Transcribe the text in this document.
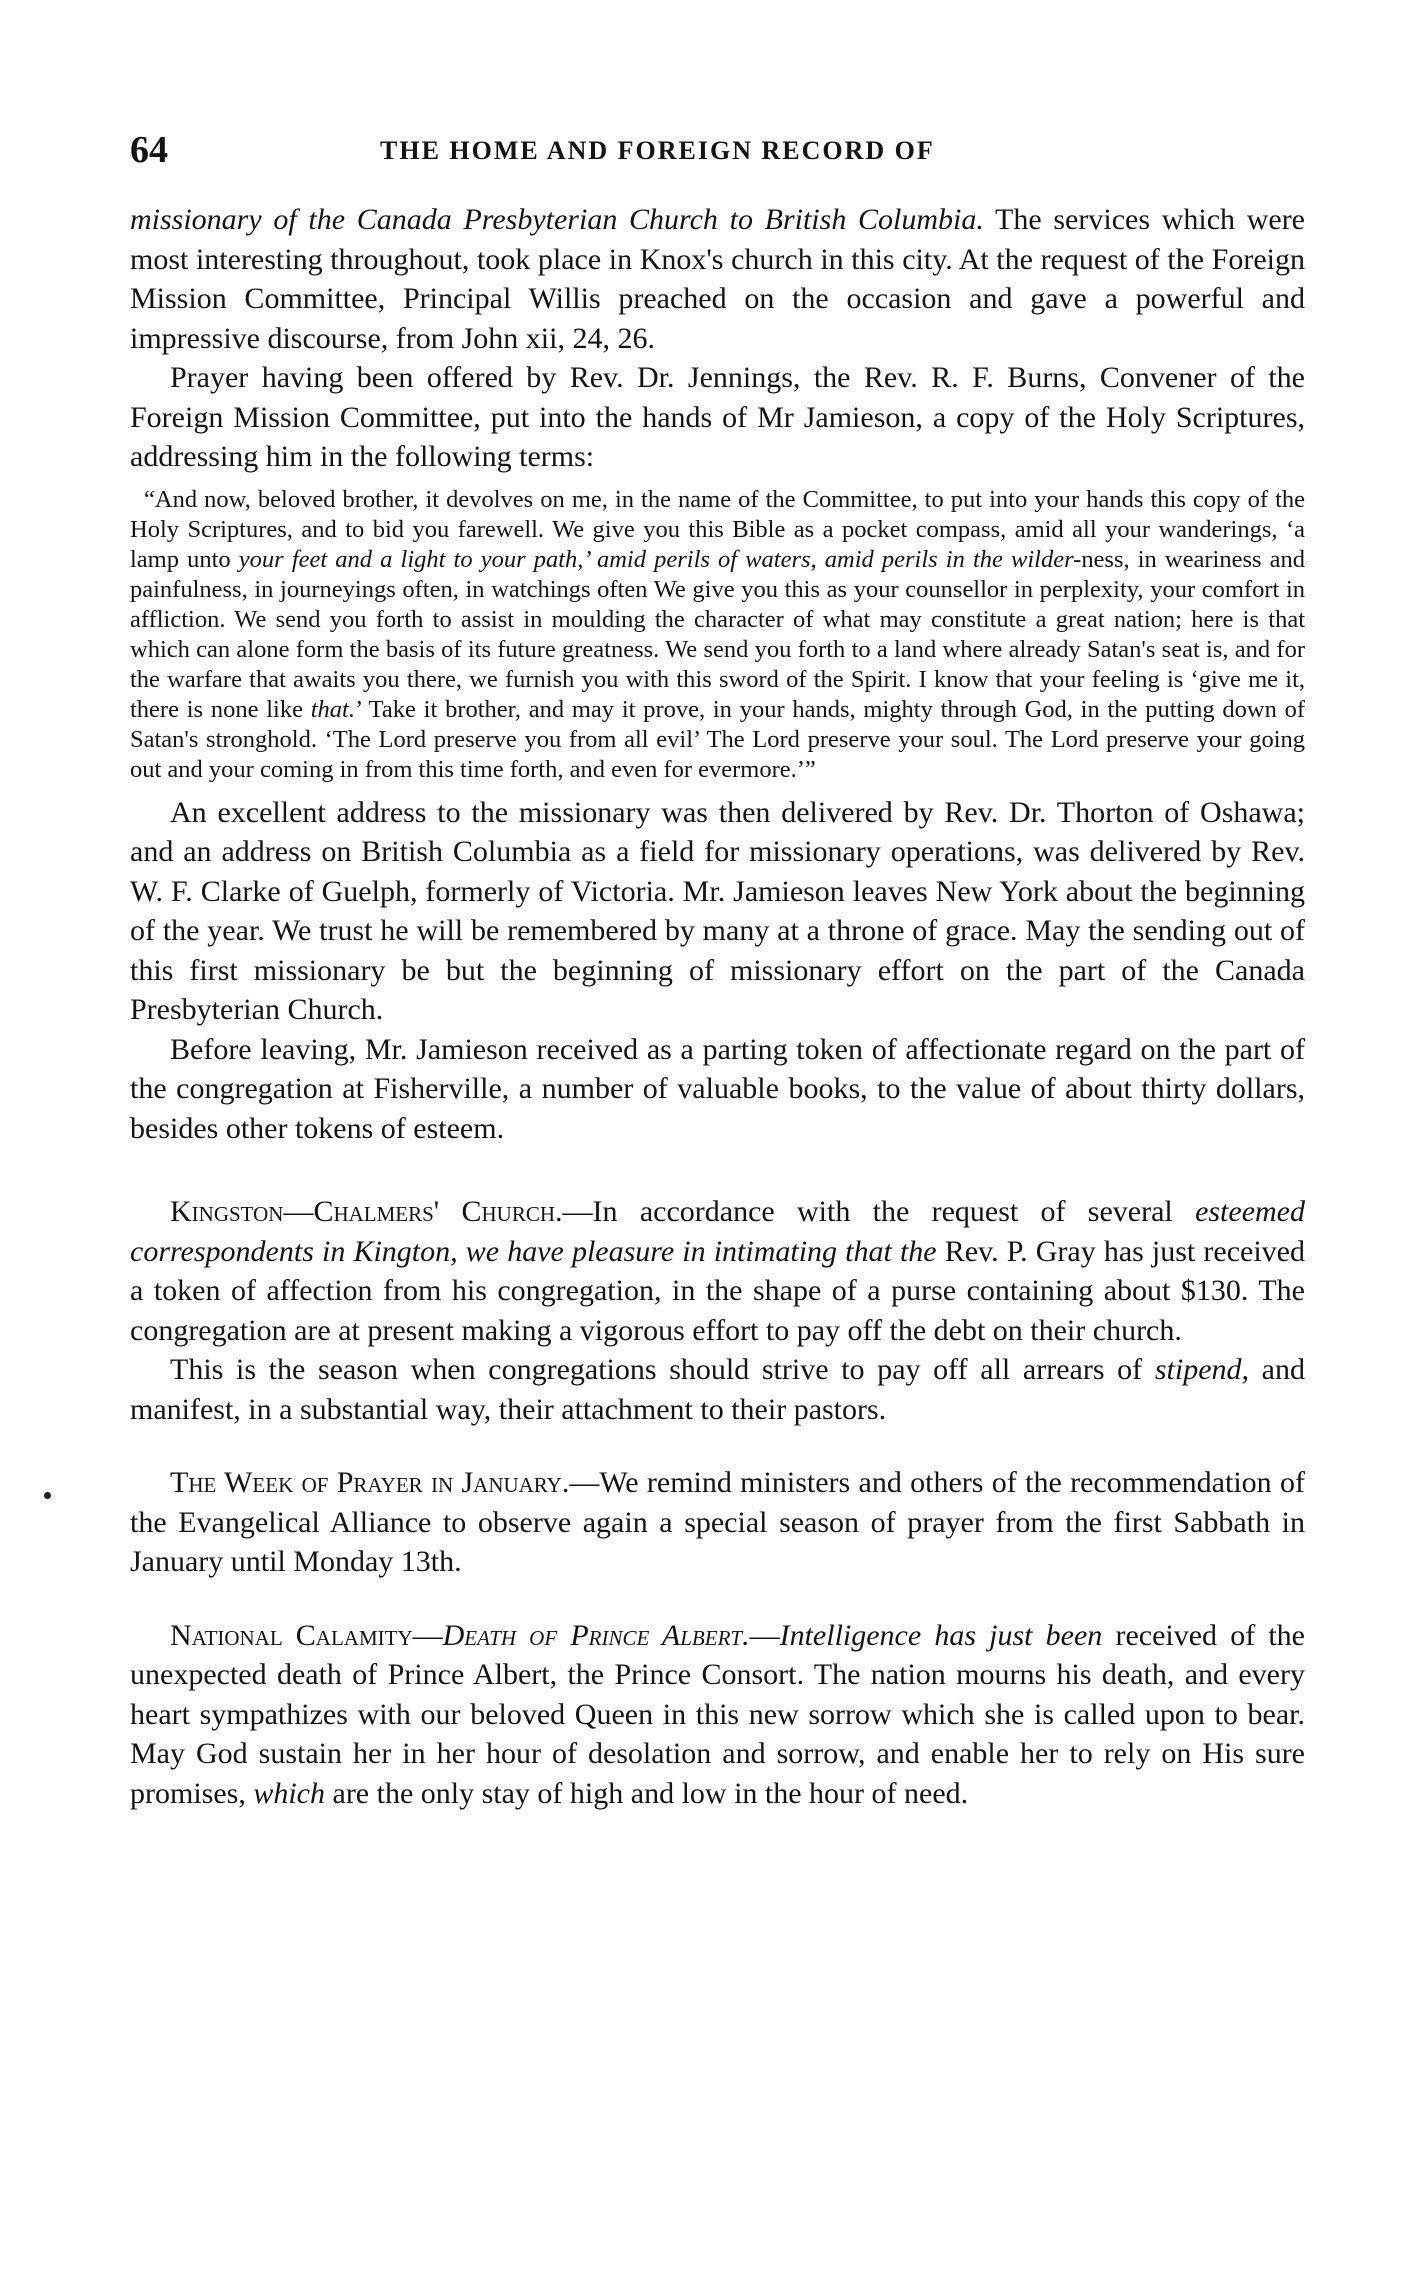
64	THE HOME AND FOREIGN RECORD OF

missionary of the Canada Presbyterian Church to British Columbia. The services which were most interesting throughout, took place in Knox's church in this city. At the request of the Foreign Mission Committee, Principal Willis preached on the occasion and gave a powerful and impressive discourse, from John xii, 24, 26.

Prayer having been offered by Rev. Dr. Jennings, the Rev. R. F. Burns, Convener of the Foreign Mission Committee, put into the hands of Mr Jamieson, a copy of the Holy Scriptures, addressing him in the following terms:

“And now, beloved brother, it devolves on me, in the name of the Committee, to put into your hands this copy of the Holy Scriptures, and to bid you farewell. We give you this Bible as a pocket compass, amid all your wanderings, ‘a lamp unto your feet and a light to your path,’ amid perils of waters, amid perils in the wilder-ness, in weariness and painfulness, in journeyings often, in watchings often We give you this as your counsellor in perplexity, your comfort in affliction. We send you forth to assist in moulding the character of what may constitute a great nation; here is that which can alone form the basis of its future greatness. We send you forth to a land where already Satan's seat is, and for the warfare that awaits you there, we furnish you with this sword of the Spirit. I know that your feeling is ‘give me it, there is none like that.’ Take it brother, and may it prove, in your hands, mighty through God, in the putting down of Satan's stronghold. ‘The Lord preserve you from all evil’ The Lord preserve your soul. The Lord preserve your going out and your coming in from this time forth, and even for evermore.’”

An excellent address to the missionary was then delivered by Rev. Dr. Thorton of Oshawa; and an address on British Columbia as a field for missionary operations, was delivered by Rev. W. F. Clarke of Guelph, formerly of Victoria. Mr. Jamieson leaves New York about the beginning of the year. We trust he will be remembered by many at a throne of grace. May the sending out of this first missionary be but the beginning of missionary effort on the part of the Canada Presbyterian Church.

Before leaving, Mr. Jamieson received as a parting token of affectionate regard on the part of the congregation at Fisherville, a number of valuable books, to the value of about thirty dollars, besides other tokens of esteem.

Kingston—Chalmers' Church.—In accordance with the request of several esteemed correspondents in Kington, we have pleasure in intimating that the Rev. P. Gray has just received a token of affection from his congregation, in the shape of a purse containing about $130. The congregation are at present making a vigorous effort to pay off the debt on their church.

This is the season when congregations should strive to pay off all arrears of stipend, and manifest, in a substantial way, their attachment to their pastors.

The Week of Prayer in January.—We remind ministers and others of the recommendation of the Evangelical Alliance to observe again a special season of prayer from the first Sabbath in January until Monday 13th.

National Calamity—Death of Prince Albert.—Intelligence has just been received of the unexpected death of Prince Albert, the Prince Consort. The nation mourns his death, and every heart sympathizes with our beloved Queen in this new sorrow which she is called upon to bear. May God sustain her in her hour of desolation and sorrow, and enable her to rely on His sure promises, which are the only stay of high and low in the hour of need.
